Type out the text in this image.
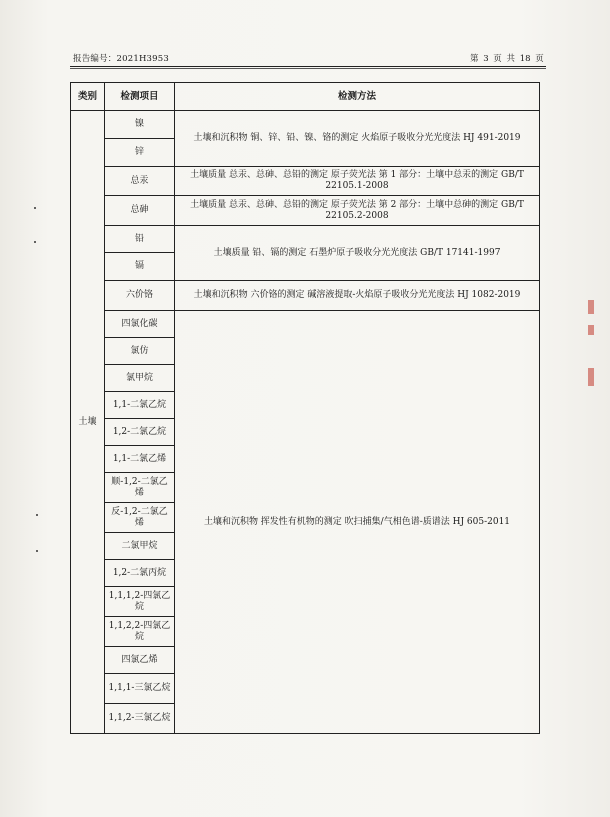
报告编号：2021H3953	第 3 页 共 18 页
类别	检测项目	检测方法
土壤	镍	土壤和沉积物 铜、锌、铅、镍、铬的测定 火焰原子吸收分光光度法 HJ 491-2019
	锌	
	总汞	土壤质量 总汞、总砷、总铅的测定 原子荧光法 第 1 部分：土壤中总汞的测定 GB/T 22105.1-2008
	总砷	土壤质量 总汞、总砷、总铅的测定 原子荧光法 第 2 部分：土壤中总砷的测定 GB/T 22105.2-2008
	铅	土壤质量 铅、镉的测定 石墨炉原子吸收分光光度法 GB/T 17141-1997
	镉	
	六价铬	土壤和沉积物 六价铬的测定 碱溶液提取-火焰原子吸收分光光度法 HJ 1082-2019
	四氯化碳	土壤和沉积物 挥发性有机物的测定 吹扫捕集/气相色谱-质谱法 HJ 605-2011
	氯仿	
	氯甲烷	
	1,1-二氯乙烷	
	1,2-二氯乙烷	
	1,1-二氯乙烯	
	顺-1,2-二氯乙烯	
	反-1,2-二氯乙烯	
	二氯甲烷	
	1,2-二氯丙烷	
	1,1,1,2-四氯乙烷	
	1,1,2,2-四氯乙烷	
	四氯乙烯	
	1,1,1-三氯乙烷	
	1,1,2-三氯乙烷	
